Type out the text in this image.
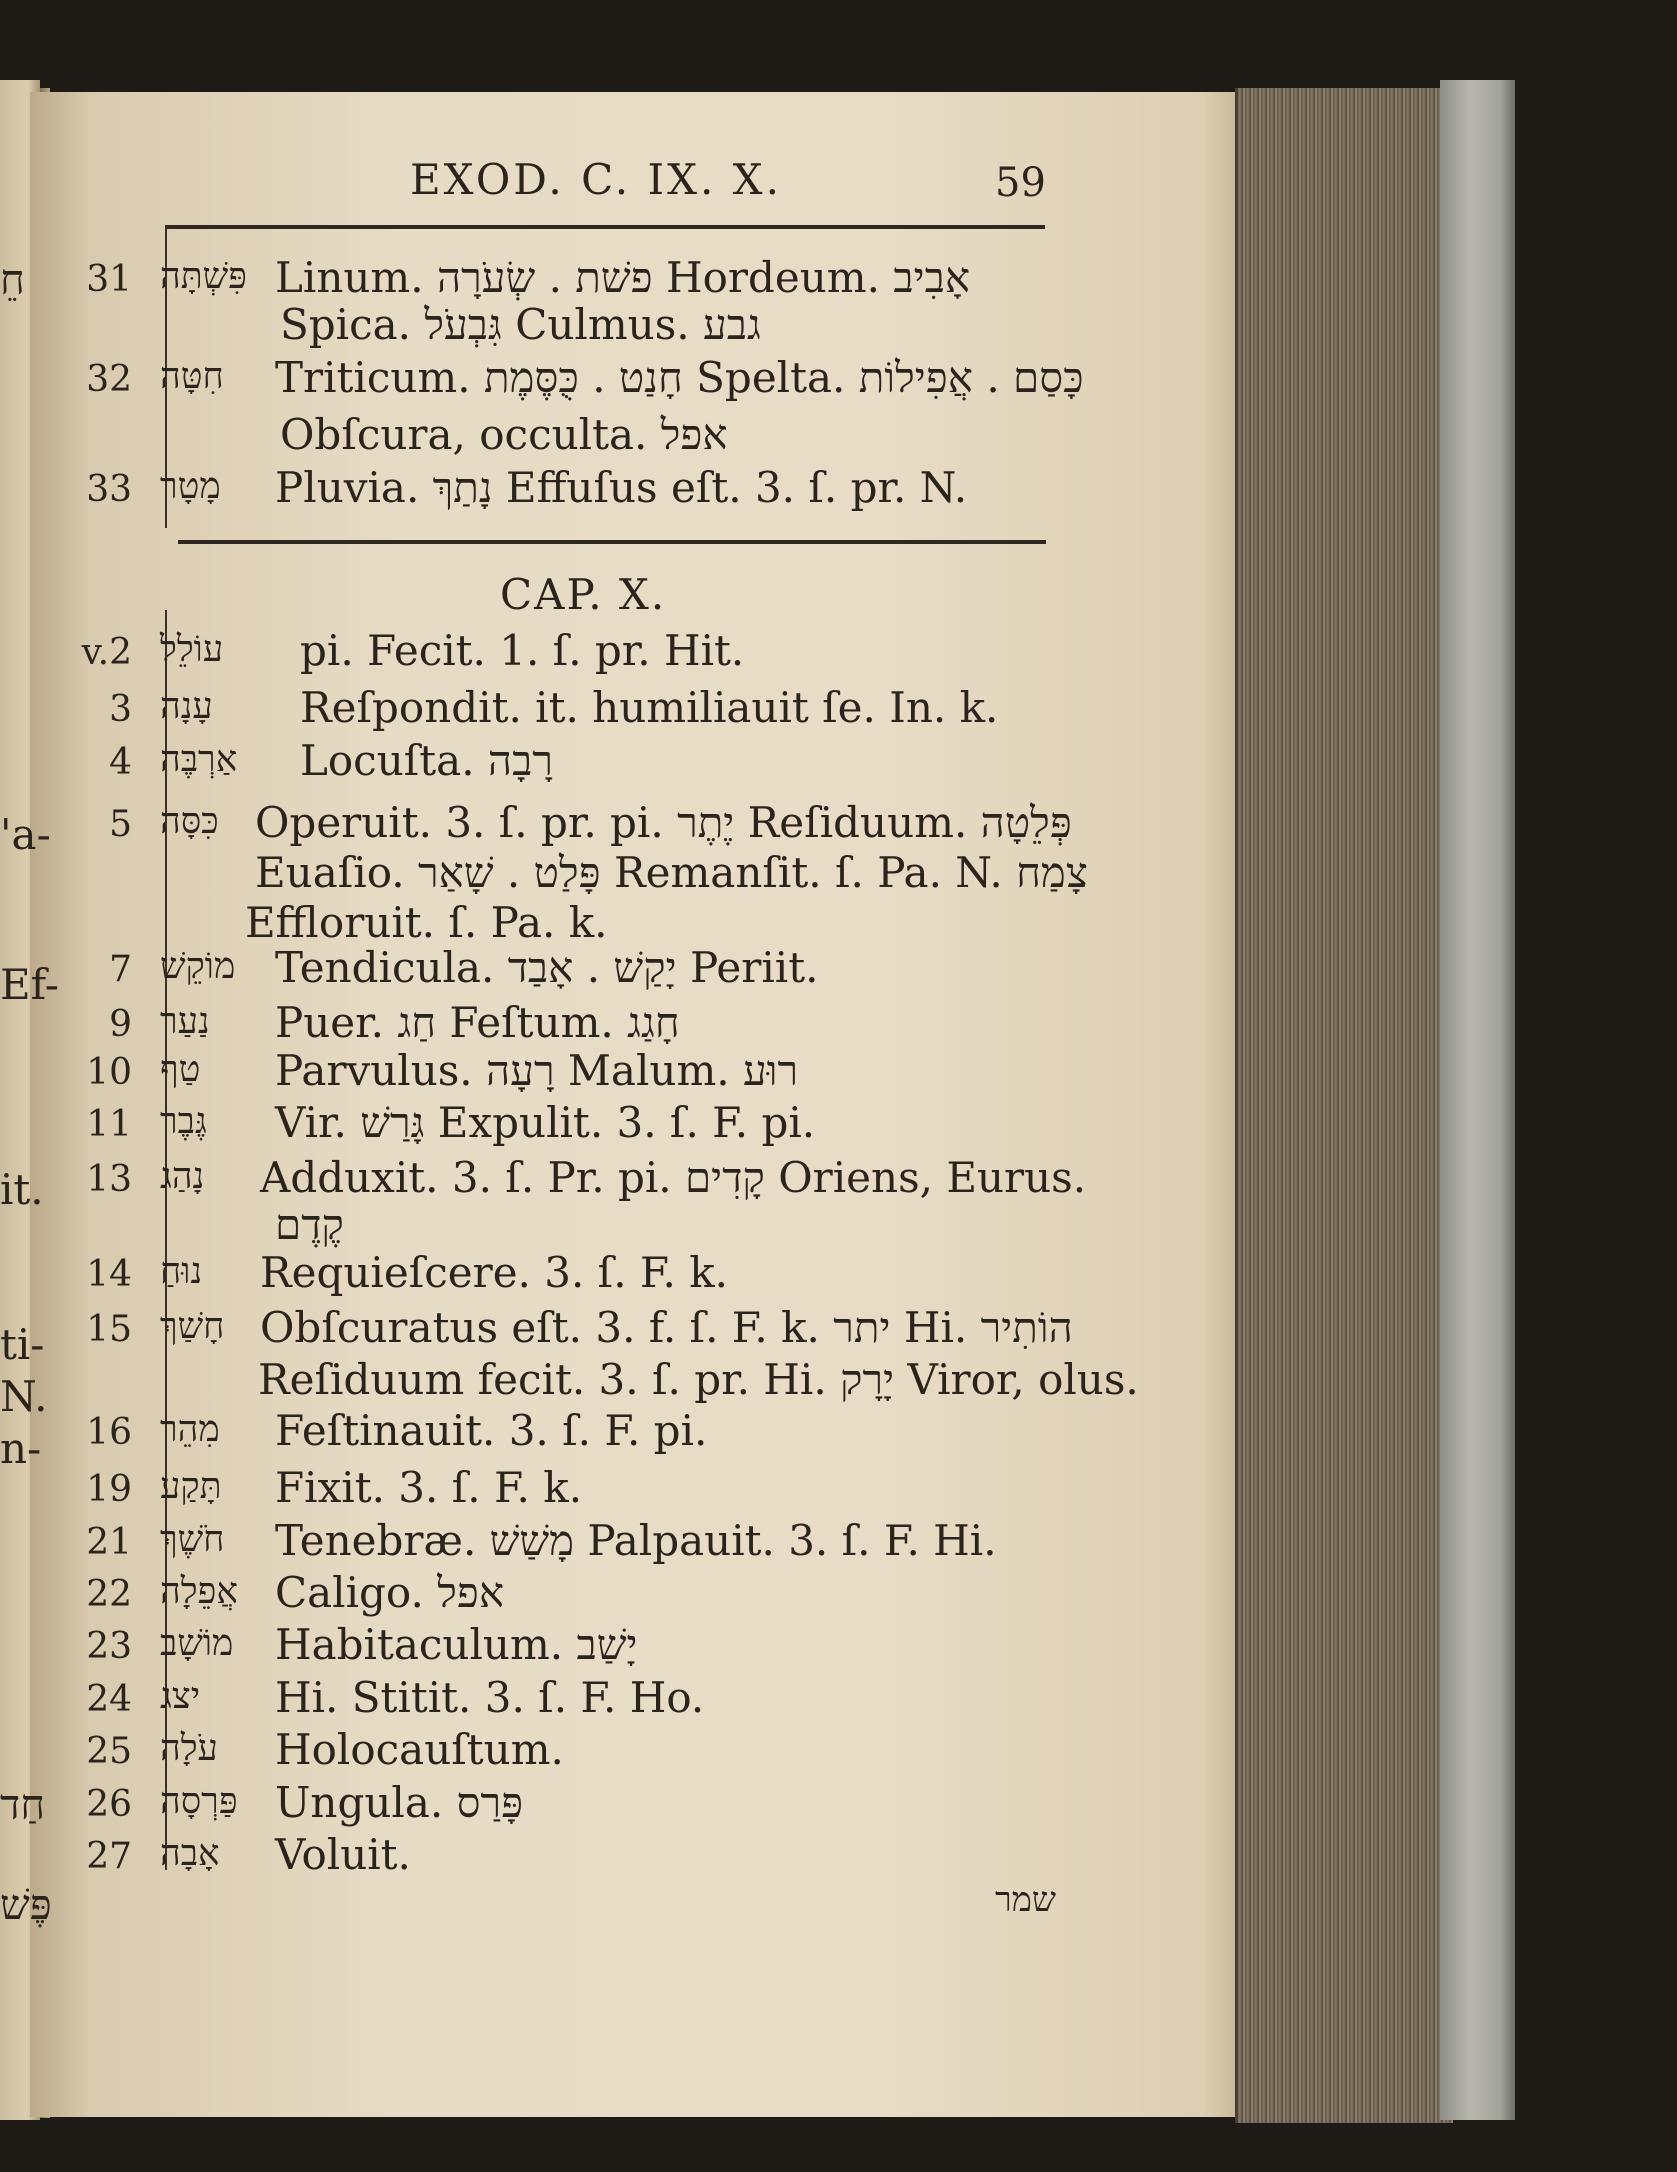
חֵ
'a-
Ef-
it.
ti-
N.
n-
חַד
פֶּשׁ
EXOD. C. IX. X.	59
31 פִּשְׁתָּה Linum. פשׁת . שְׂעֹרָה Hordeum. אָבִיב
Spica. גִּבְעֹל Culmus. גבע
32 חִטָּה Triticum. חָנַט . כֻּסֶּמֶת Spelta. כָּסַם . אֲפִילוֹת
Obſcura, occulta. אפל
33 מָטָר Pluvia. נָתַךְ Effuſus eſt. 3. ſ. pr. N.
CAP. X.
v.2 עוֹלֵל pi. Fecit. 1. ſ. pr. Hit.
3 עָנָה Reſpondit. it. humiliauit ſe. In. k.
4 אַרְבֶּה Locuſta. רָבָה
5 כִּסָּה Operuit. 3. ſ. pr. pi. יֶתֶר Reſiduum. פְּלֵטָה
Euaſio. פָּלַט . שָׁאַר Remanſit. ſ. Pa. N. צָמַח
Effloruit. ſ. Pa. k.
7 מוֹקֵשׁ Tendicula. יָקַשׁ . אָבַד Periit.
9 נַעַר Puer. חַג Feſtum. חָגַג
10 טַף Parvulus. רָעָה Malum. רוּע
11 גֶּבֶר Vir. גָּרַשׁ Expulit. 3. ſ. F. pi.
13 נָהַג Adduxit. 3. ſ. Pr. pi. קָדִים Oriens, Eurus.
קֶדֶם
14 נוּחַ Requieſcere. 3. ſ. F. k.
15 חָשַׁךְ Obſcuratus eſt. 3. f. ſ. F. k. יתר Hi. הוֹתִיר
Reſiduum fecit. 3. ſ. pr. Hi. יָרָק Viror, olus.
16 מִהֵר Feſtinauit. 3. ſ. F. pi.
19 תָּקַע Fixit. 3. ſ. F. k.
21 חֹשֶׁךְ Tenebræ. מָשַׁשׁ Palpauit. 3. ſ. F. Hi.
22 אֲפֵלָה Caligo. אפל
23 מוֹשָׁב Habitaculum. יָשַׁב
24 יצג Hi. Stitit. 3. ſ. F. Ho.
25 עֹלָה Holocauſtum.
26 פַּרְסָה Ungula. פָּרַס
27 אָבָה Voluit.
שמר
